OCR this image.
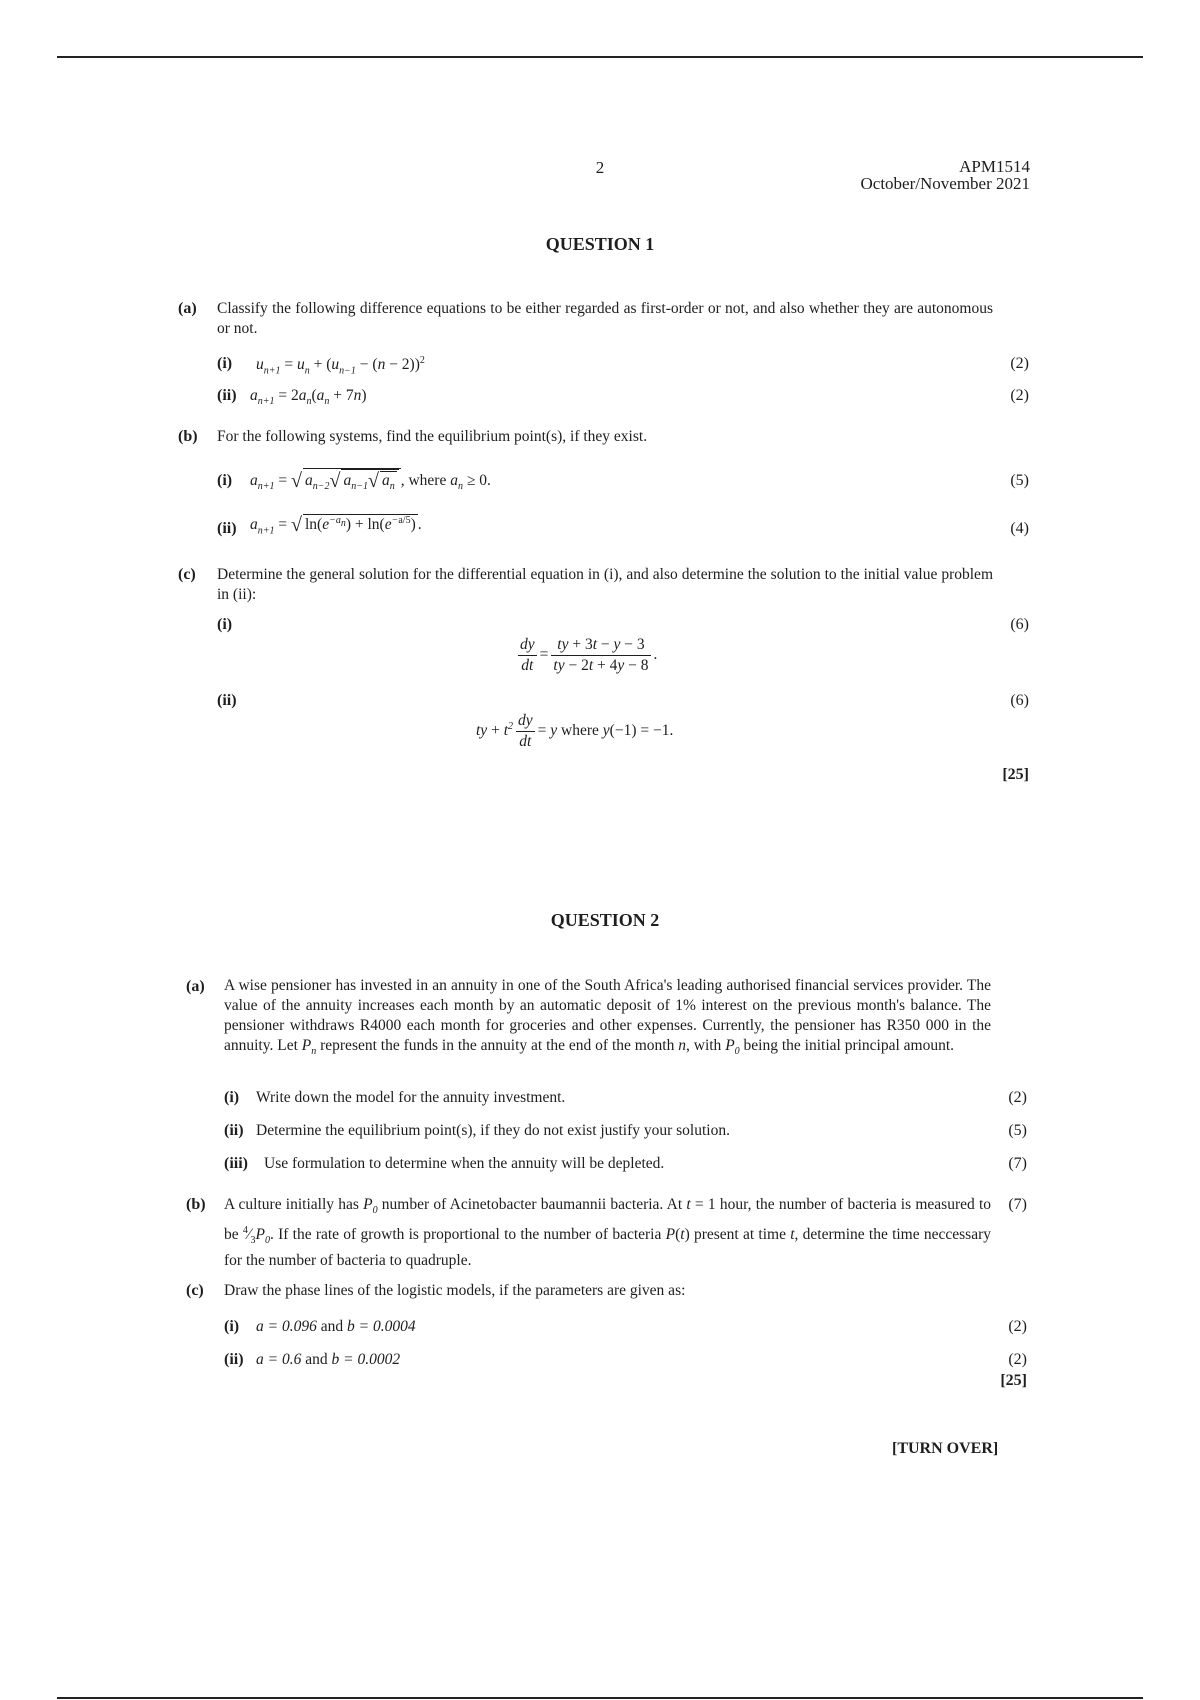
2	APM1514
October/November 2021
QUESTION 1
(a) Classify the following difference equations to be either regarded as first-order or not, and also whether they are autonomous or not.
(i) $u_{n+1} = u_n + (u_{n-1} - (n - 2))^2$	(2)
(ii) $a_{n+1} = 2a_n(a_n + 7n)$	(2)
(b) For the following systems, find the equilibrium point(s), if they exist.
(i) $a_{n+1}$ = √ $a_{n-2}√$ $a_{n-1}√$ $a_n$ , where $a_n \ge 0$.	(5)
(ii) $a_{n+1}$ = √ $\ln(e^{-a_n}) + \ln(e^{-a/5})$ .	(4)
(c) Determine the general solution for the differential equation in (i), and also determine the solution to the initial value problem in (ii):
(i)	(6)
$\frac{dy}{dt} = \frac{ty + 3t - y - 3}{ty - 2t + 4y - 8}$ .
(ii)	(6)
ty + $t^2 \frac{dy}{dt} = y$ where y(−1) = −1.
[25]
QUESTION 2
(a) A wise pensioner has invested in an annuity in one of the South Africa's leading authorised financial services provider. The value of the annuity increases each month by an automatic deposit of 1% interest on the previous month's balance. The pensioner withdraws R4000 each month for groceries and other expenses. Currently, the pensioner has R350 000 in the annuity. Let $P_n$ represent the funds in the annuity at the end of the month n, with $P_0$ being the initial principal amount.
(i) Write down the model for the annuity investment.	(2)
(ii) Determine the equilibrium point(s), if they do not exist justify your solution.	(5)
(iii) Use formulation to determine when the annuity will be depleted.	(7)
(b) A culture initially has $P_0$ number of Acinetobacter baumannii bacteria. At t = 1 hour, the number of bacteria is measured to be $^4⁄_3P_0$. If the rate of growth is proportional to the number of bacteria P(t) present at time t, determine the time neccessary for the number of bacteria to quadruple.
(7)
(c) Draw the phase lines of the logistic models, if the parameters are given as:
(i) a = 0.096 and b = 0.0004	(2)
(ii) a = 0.6 and b = 0.0002	(2)
[25]
[TURN OVER]
